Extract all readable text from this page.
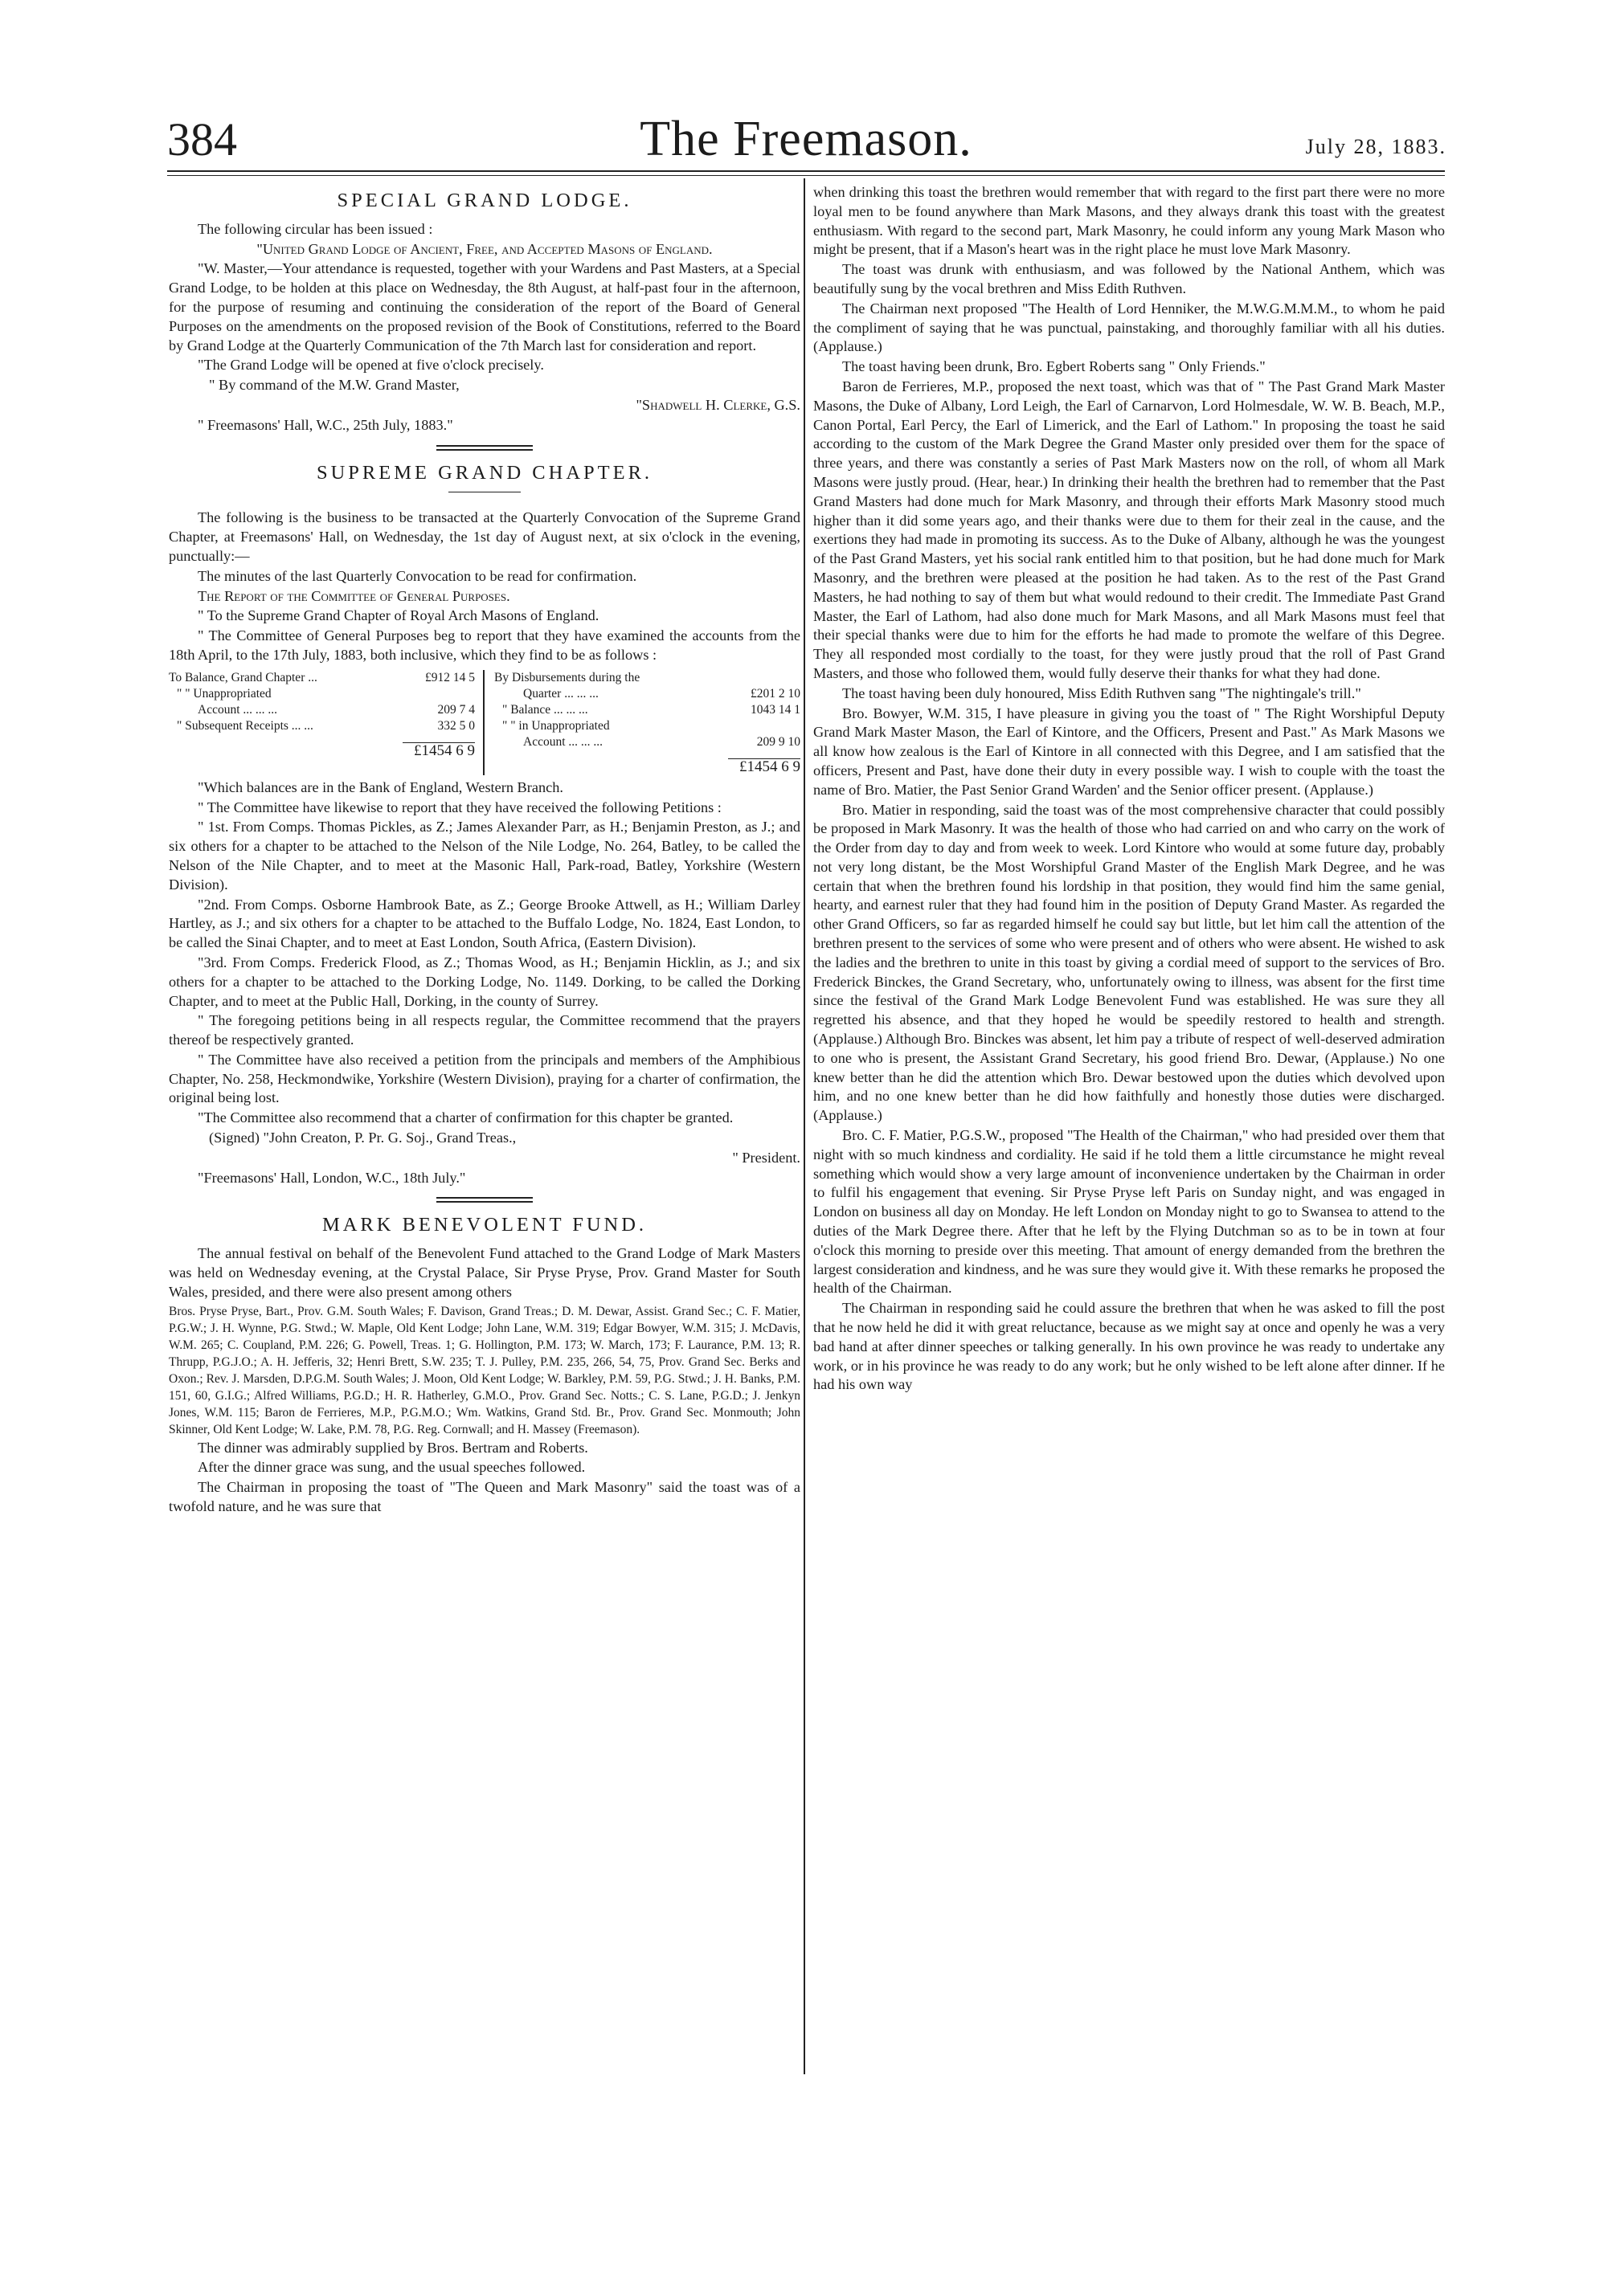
384	The Freemason.	July 28, 1883.
SPECIAL GRAND LODGE.

The following circular has been issued :

"United Grand Lodge of Ancient, Free, and Accepted Masons of England.

"W. Master,—Your attendance is requested, together with your Wardens and Past Masters, at a Special Grand Lodge, to be holden at this place on Wednesday, the 8th August, at half-past four in the afternoon, for the purpose of resuming and continuing the consideration of the report of the Board of General Purposes on the amendments on the proposed revision of the Book of Constitutions, referred to the Board by Grand Lodge at the Quarterly Communication of the 7th March last for consideration and report.

"The Grand Lodge will be opened at five o'clock precisely.

" By command of the M.W. Grand Master,

"Shadwell H. Clerke, G.S.

" Freemasons' Hall, W.C., 25th July, 1883."

SUPREME GRAND CHAPTER.

The following is the business to be transacted at the Quarterly Convocation of the Supreme Grand Chapter, at Freemasons' Hall, on Wednesday, the 1st day of August next, at six o'clock in the evening, punctually:—

The minutes of the last Quarterly Convocation to be read for confirmation.

The Report of the Committee of General Purposes.

" To the Supreme Grand Chapter of Royal Arch Masons of England.

" The Committee of General Purposes beg to report that they have examined the accounts from the 18th April, to the 17th July, 1883, both inclusive, which they find to be as follows :

To Balance, Grand Chapter ...	£912 14 5
" " Unappropriated
Account ... ... ...	209 7 4
" Subsequent Receipts ... ...	332 5 0
£1454 6 9
By Disbursements during the
Quarter ... ... ...	£201 2 10
" Balance ... ... ...	1043 14 1
" " in Unappropriated
Account ... ... ...	209 9 10
£1454 6 9

"Which balances are in the Bank of England, Western Branch.

" The Committee have likewise to report that they have received the following Petitions :

" 1st. From Comps. Thomas Pickles, as Z.; James Alexander Parr, as H.; Benjamin Preston, as J.; and six others for a chapter to be attached to the Nelson of the Nile Lodge, No. 264, Batley, to be called the Nelson of the Nile Chapter, and to meet at the Masonic Hall, Park-road, Batley, Yorkshire (Western Division).

"2nd. From Comps. Osborne Hambrook Bate, as Z.; George Brooke Attwell, as H.; William Darley Hartley, as J.; and six others for a chapter to be attached to the Buffalo Lodge, No. 1824, East London, to be called the Sinai Chapter, and to meet at East London, South Africa, (Eastern Division).

"3rd. From Comps. Frederick Flood, as Z.; Thomas Wood, as H.; Benjamin Hicklin, as J.; and six others for a chapter to be attached to the Dorking Lodge, No. 1149. Dorking, to be called the Dorking Chapter, and to meet at the Public Hall, Dorking, in the county of Surrey.

" The foregoing petitions being in all respects regular, the Committee recommend that the prayers thereof be respectively granted.

" The Committee have also received a petition from the principals and members of the Amphibious Chapter, No. 258, Heckmondwike, Yorkshire (Western Division), praying for a charter of confirmation, the original being lost.

"The Committee also recommend that a charter of confirmation for this chapter be granted.

(Signed) "John Creaton, P. Pr. G. Soj., Grand Treas.,

" President.

"Freemasons' Hall, London, W.C., 18th July."

MARK BENEVOLENT FUND.

The annual festival on behalf of the Benevolent Fund attached to the Grand Lodge of Mark Masters was held on Wednesday evening, at the Crystal Palace, Sir Pryse Pryse, Prov. Grand Master for South Wales, presided, and there were also present among others

Bros. Pryse Pryse, Bart., Prov. G.M. South Wales; F. Davison, Grand Treas.; D. M. Dewar, Assist. Grand Sec.; C. F. Matier, P.G.W.; J. H. Wynne, P.G. Stwd.; W. Maple, Old Kent Lodge; John Lane, W.M. 319; Edgar Bowyer, W.M. 315; J. McDavis, W.M. 265; C. Coupland, P.M. 226; G. Powell, Treas. 1; G. Hollington, P.M. 173; W. March, 173; F. Laurance, P.M. 13; R. Thrupp, P.G.J.O.; A. H. Jefferis, 32; Henri Brett, S.W. 235; T. J. Pulley, P.M. 235, 266, 54, 75, Prov. Grand Sec. Berks and Oxon.; Rev. J. Marsden, D.P.G.M. South Wales; J. Moon, Old Kent Lodge; W. Barkley, P.M. 59, P.G. Stwd.; J. H. Banks, P.M. 151, 60, G.I.G.; Alfred Williams, P.G.D.; H. R. Hatherley, G.M.O., Prov. Grand Sec. Notts.; C. S. Lane, P.G.D.; J. Jenkyn Jones, W.M. 115; Baron de Ferrieres, M.P., P.G.M.O.; Wm. Watkins, Grand Std. Br., Prov. Grand Sec. Monmouth; John Skinner, Old Kent Lodge; W. Lake, P.M. 78, P.G. Reg. Cornwall; and H. Massey (Freemason).

The dinner was admirably supplied by Bros. Bertram and Roberts.

After the dinner grace was sung, and the usual speeches followed.

The Chairman in proposing the toast of "The Queen and Mark Masonry" said the toast was of a twofold nature, and he was sure that

when drinking this toast the brethren would remember that with regard to the first part there were no more loyal men to be found anywhere than Mark Masons, and they always drank this toast with the greatest enthusiasm. With regard to the second part, Mark Masonry, he could inform any young Mark Mason who might be present, that if a Mason's heart was in the right place he must love Mark Masonry.

The toast was drunk with enthusiasm, and was followed by the National Anthem, which was beautifully sung by the vocal brethren and Miss Edith Ruthven.

The Chairman next proposed "The Health of Lord Henniker, the M.W.G.M.M.M., to whom he paid the compliment of saying that he was punctual, painstaking, and thoroughly familiar with all his duties. (Applause.)

The toast having been drunk, Bro. Egbert Roberts sang " Only Friends."

Baron de Ferrieres, M.P., proposed the next toast, which was that of " The Past Grand Mark Master Masons, the Duke of Albany, Lord Leigh, the Earl of Carnarvon, Lord Holmesdale, W. W. B. Beach, M.P., Canon Portal, Earl Percy, the Earl of Limerick, and the Earl of Lathom." In proposing the toast he said according to the custom of the Mark Degree the Grand Master only presided over them for the space of three years, and there was constantly a series of Past Mark Masters now on the roll, of whom all Mark Masons were justly proud. (Hear, hear.) In drinking their health the brethren had to remember that the Past Grand Masters had done much for Mark Masonry, and through their efforts Mark Masonry stood much higher than it did some years ago, and their thanks were due to them for their zeal in the cause, and the exertions they had made in promoting its success. As to the Duke of Albany, although he was the youngest of the Past Grand Masters, yet his social rank entitled him to that position, but he had done much for Mark Masonry, and the brethren were pleased at the position he had taken. As to the rest of the Past Grand Masters, he had nothing to say of them but what would redound to their credit. The Immediate Past Grand Master, the Earl of Lathom, had also done much for Mark Masons, and all Mark Masons must feel that their special thanks were due to him for the efforts he had made to promote the welfare of this Degree. They all responded most cordially to the toast, for they were justly proud that the roll of Past Grand Masters, and those who followed them, would fully deserve their thanks for what they had done.

The toast having been duly honoured, Miss Edith Ruthven sang "The nightingale's trill."

Bro. Bowyer, W.M. 315, I have pleasure in giving you the toast of " The Right Worshipful Deputy Grand Mark Master Mason, the Earl of Kintore, and the Officers, Present and Past." As Mark Masons we all know how zealous is the Earl of Kintore in all connected with this Degree, and I am satisfied that the officers, Present and Past, have done their duty in every possible way. I wish to couple with the toast the name of Bro. Matier, the Past Senior Grand Warden' and the Senior officer present. (Applause.)

Bro. Matier in responding, said the toast was of the most comprehensive character that could possibly be proposed in Mark Masonry. It was the health of those who had carried on and who carry on the work of the Order from day to day and from week to week. Lord Kintore who would at some future day, probably not very long distant, be the Most Worshipful Grand Master of the English Mark Degree, and he was certain that when the brethren found his lordship in that position, they would find him the same genial, hearty, and earnest ruler that they had found him in the position of Deputy Grand Master. As regarded the other Grand Officers, so far as regarded himself he could say but little, but let him call the attention of the brethren present to the services of some who were present and of others who were absent. He wished to ask the ladies and the brethren to unite in this toast by giving a cordial meed of support to the services of Bro. Frederick Binckes, the Grand Secretary, who, unfortunately owing to illness, was absent for the first time since the festival of the Grand Mark Lodge Benevolent Fund was established. He was sure they all regretted his absence, and that they hoped he would be speedily restored to health and strength. (Applause.) Although Bro. Binckes was absent, let him pay a tribute of respect of well-deserved admiration to one who is present, the Assistant Grand Secretary, his good friend Bro. Dewar, (Applause.) No one knew better than he did the attention which Bro. Dewar bestowed upon the duties which devolved upon him, and no one knew better than he did how faithfully and honestly those duties were discharged. (Applause.)

Bro. C. F. Matier, P.G.S.W., proposed "The Health of the Chairman," who had presided over them that night with so much kindness and cordiality. He said if he told them a little circumstance he might reveal something which would show a very large amount of inconvenience undertaken by the Chairman in order to fulfil his engagement that evening. Sir Pryse Pryse left Paris on Sunday night, and was engaged in London on business all day on Monday. He left London on Monday night to go to Swansea to attend to the duties of the Mark Degree there. After that he left by the Flying Dutchman so as to be in town at four o'clock this morning to preside over this meeting. That amount of energy demanded from the brethren the largest consideration and kindness, and he was sure they would give it. With these remarks he proposed the health of the Chairman.

The Chairman in responding said he could assure the brethren that when he was asked to fill the post that he now held he did it with great reluctance, because as we might say at once and openly he was a very bad hand at after dinner speeches or talking generally. In his own province he was ready to undertake any work, or in his province he was ready to do any work; but he only wished to be left alone after dinner. If he had his own way
